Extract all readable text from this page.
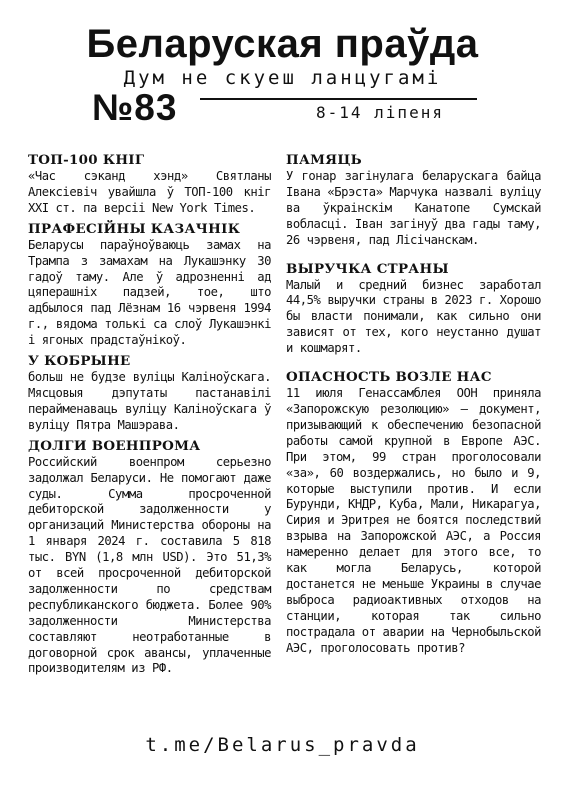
Беларуская праўда
Дум не скуеш ланцугамі
№83	8-14 ліпеня
ТОП-100 КНІГ
«Час сэканд хэнд» Святланы Алексіевіч увайшла ў ТОП-100 кніг XXI ст. па версіі New York Times.
ПРАФЕСІЙНЫ КАЗАЧНІК
Беларусы параўноўваюць замах на Трампа з замахам на Лукашэнку 30 гадоў таму. Але ў адрозненні ад цяперашніх падзей, тое, што адбылося пад Лёзнам 16 чэрвеня 1994 г., вядома толькі са слоў Лукашэнкі і ягоных прадстаўнікоў.
У КОБРЫНЕ
больш не будзе вуліцы Каліноўскага. Мясцовыя дэпутаты пастанавілі перайменаваць вуліцу Каліноўскага ў вуліцу Пятра Машэрава.
ДОЛГИ ВОЕНПРОМА
Российский военпром серьезно задолжал Беларуси. Не помогают даже суды. Сумма просроченной дебиторской задолженности у организаций Министерства обороны на 1 января 2024 г. составила 5 818 тыс. BYN (1,8 млн USD). Это 51,3% от всей просроченной дебиторской задолженности по средствам республиканского бюджета. Более 90% задолженности Министерства составляют неотработанные в договорной срок авансы, уплаченные производителям из РФ.
ПАМЯЦЬ
У гонар загінулага беларускага байца Івана «Брэста» Марчука назвалі вуліцу ва ўкраінскім Канатопе Сумскай вобласці. Іван загінуў два гады таму, 26 чэрвеня, пад Лісічанскам.
ВЫРУЧКА СТРАНЫ
Малый и средний бизнес заработал 44,5% выручки страны в 2023 г. Хорошо бы власти понимали, как сильно они зависят от тех, кого неустанно душат и кошмарят.
ОПАСНОСТЬ ВОЗЛЕ НАС
11 июля Генассамблея ООН приняла «Запорожскую резолюцию» – документ, призывающий к обеспечению безопасной работы самой крупной в Европе АЭС. При этом, 99 стран проголосовали «за», 60 воздержались, но было и 9, которые выступили против. И если Бурунди, КНДР, Куба, Мали, Никарагуа, Сирия и Эритрея не боятся последствий взрыва на Запорожской АЭС, а Россия намеренно делает для этого все, то как могла Беларусь, которой достанется не меньше Украины в случае выброса радиоактивных отходов на станции, которая так сильно пострадала от аварии на Чернобыльской АЭС, проголосовать против?
t.me/Belarus_pravda
